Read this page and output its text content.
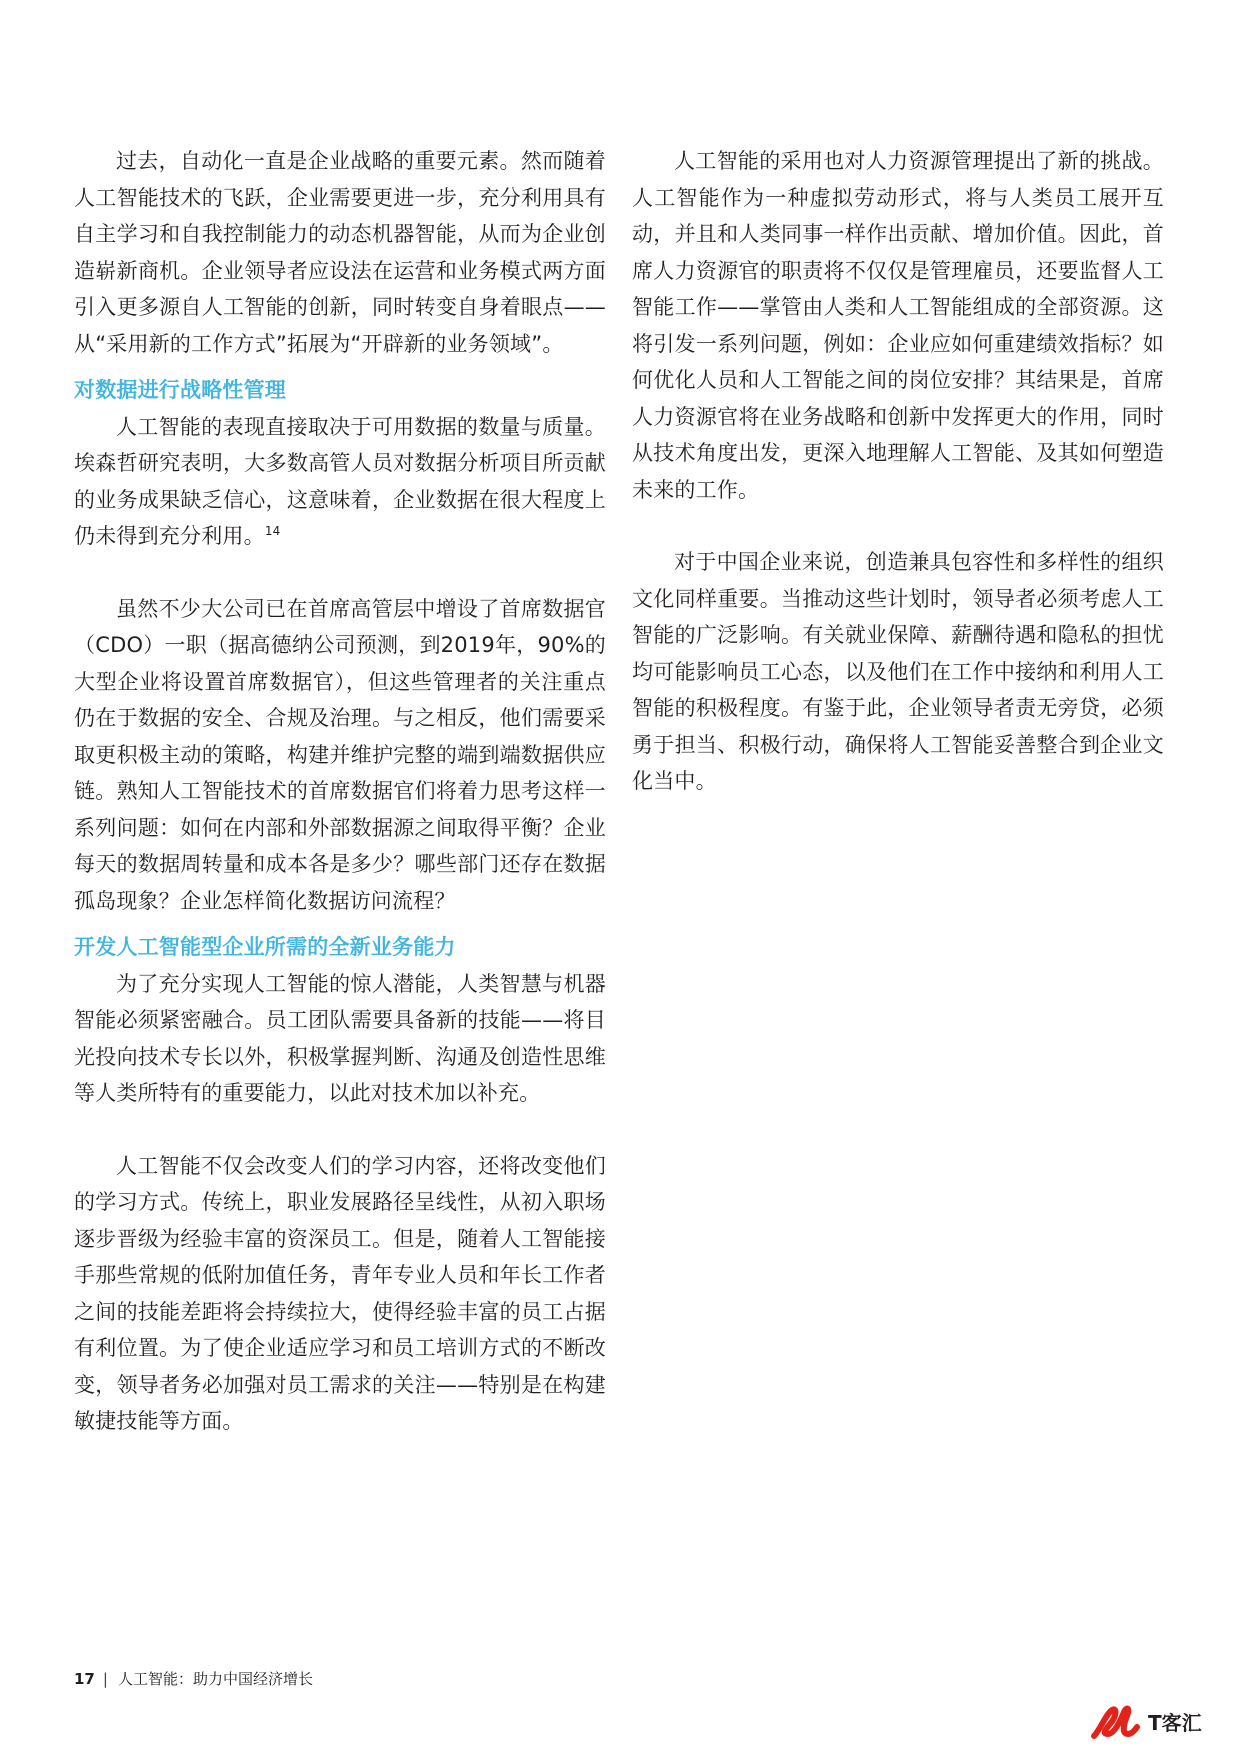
过去，自动化一直是企业战略的重要元素。然而随着人工智能技术的飞跃，企业需要更进一步，充分利用具有自主学习和自我控制能力的动态机器智能，从而为企业创造崭新商机。企业领导者应设法在运营和业务模式两方面引入更多源自人工智能的创新，同时转变自身着眼点——从“采用新的工作方式”拓展为“开辟新的业务领域”。

对数据进行战略性管理

人工智能的表现直接取决于可用数据的数量与质量。埃森哲研究表明，大多数高管人员对数据分析项目所贡献的业务成果缺乏信心，这意味着，企业数据在很大程度上仍未得到充分利用。$^{14}$

虽然不少大公司已在首席高管层中增设了首席数据官（CDO）一职（据高德纳公司预测，到2019年，90%的大型企业将设置首席数据官），但这些管理者的关注重点仍在于数据的安全、合规及治理。与之相反，他们需要采取更积极主动的策略，构建并维护完整的端到端数据供应链。熟知人工智能技术的首席数据官们将着力思考这样一系列问题：如何在内部和外部数据源之间取得平衡？企业每天的数据周转量和成本各是多少？哪些部门还存在数据孤岛现象？企业怎样简化数据访问流程？

开发人工智能型企业所需的全新业务能力

为了充分实现人工智能的惊人潜能，人类智慧与机器智能必须紧密融合。员工团队需要具备新的技能——将目光投向技术专长以外，积极掌握判断、沟通及创造性思维等人类所特有的重要能力，以此对技术加以补充。

人工智能不仅会改变人们的学习内容，还将改变他们的学习方式。传统上，职业发展路径呈线性，从初入职场逐步晋级为经验丰富的资深员工。但是，随着人工智能接手那些常规的低附加值任务，青年专业人员和年长工作者之间的技能差距将会持续拉大，使得经验丰富的员工占据有利位置。为了使企业适应学习和员工培训方式的不断改变，领导者务必加强对员工需求的关注——特别是在构建敏捷技能等方面。

人工智能的采用也对人力资源管理提出了新的挑战。人工智能作为一种虚拟劳动形式，将与人类员工展开互动，并且和人类同事一样作出贡献、增加价值。因此，首席人力资源官的职责将不仅仅是管理雇员，还要监督人工智能工作——掌管由人类和人工智能组成的全部资源。这将引发一系列问题，例如：企业应如何重建绩效指标？如何优化人员和人工智能之间的岗位安排？其结果是，首席人力资源官将在业务战略和创新中发挥更大的作用，同时从技术角度出发，更深入地理解人工智能、及其如何塑造未来的工作。

对于中国企业来说，创造兼具包容性和多样性的组织文化同样重要。当推动这些计划时，领导者必须考虑人工智能的广泛影响。有关就业保障、薪酬待遇和隐私的担忧均可能影响员工心态，以及他们在工作中接纳和利用人工智能的积极程度。有鉴于此，企业领导者责无旁贷，必须勇于担当、积极行动，确保将人工智能妥善整合到企业文化当中。

17 | 人工智能：助力中国经济增长
T客汇
